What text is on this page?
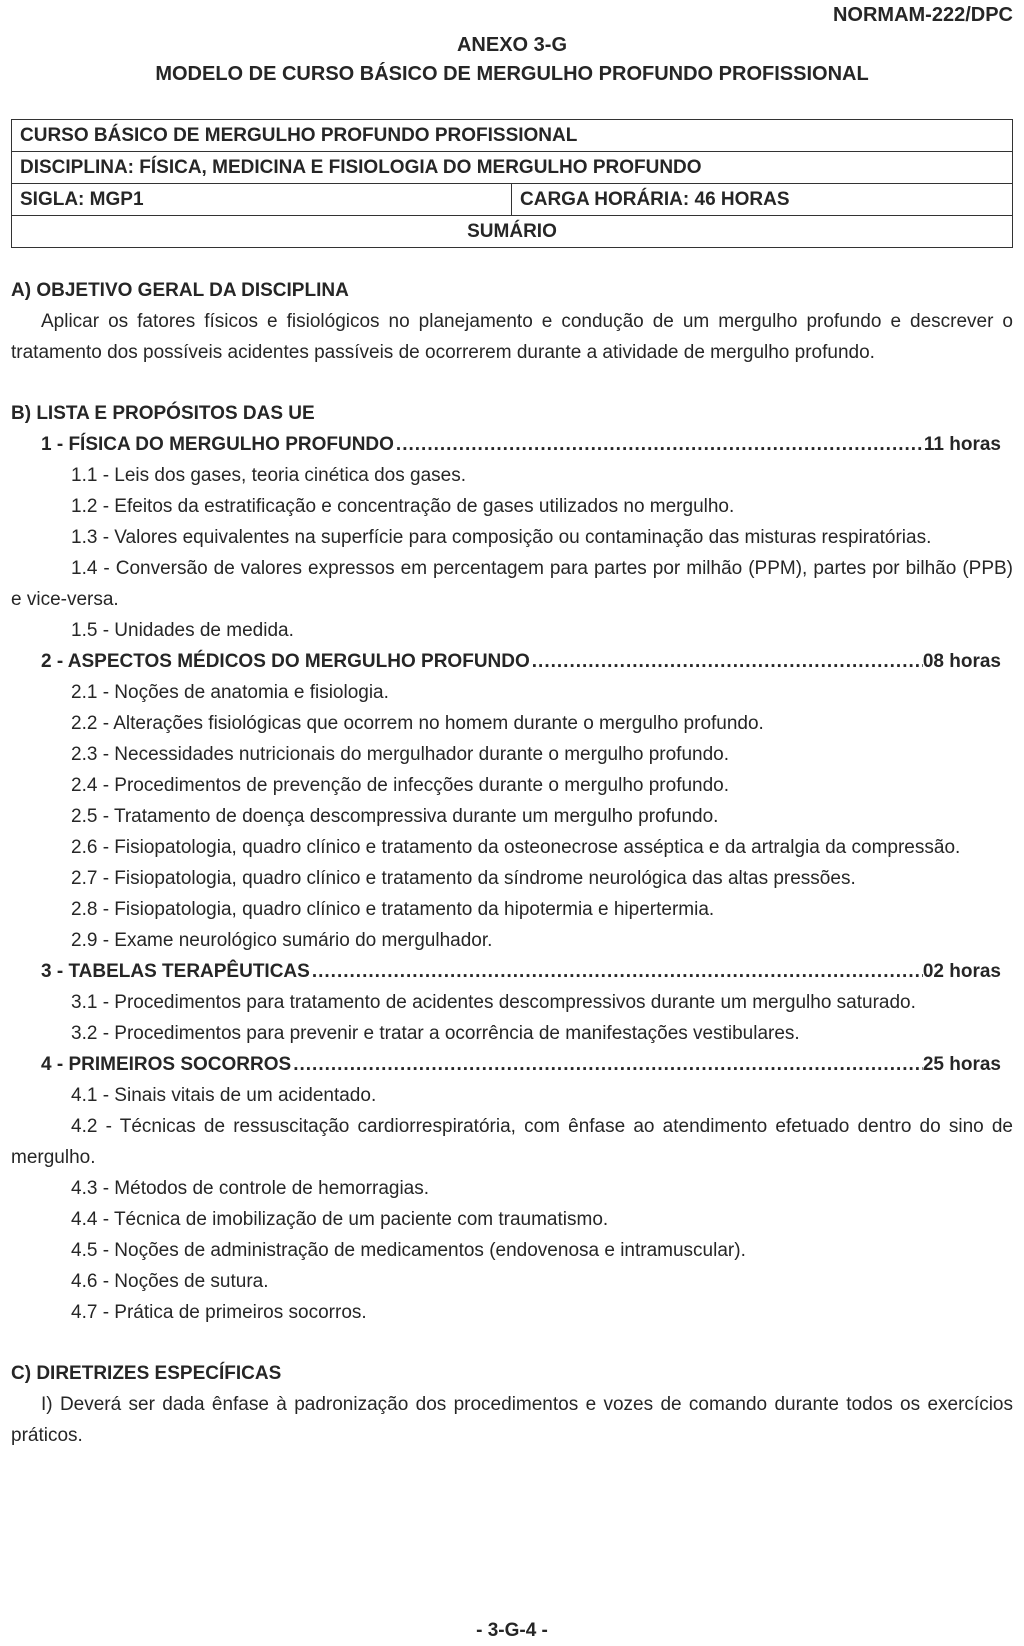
NORMAM-222/DPC
ANEXO 3-G
MODELO DE CURSO BÁSICO DE MERGULHO PROFUNDO PROFISSIONAL
CURSO BÁSICO DE MERGULHO PROFUNDO PROFISSIONAL
DISCIPLINA: FÍSICA, MEDICINA E FISIOLOGIA DO MERGULHO PROFUNDO
SIGLA: MGP1	CARGA HORÁRIA: 46 HORAS
SUMÁRIO
A) OBJETIVO GERAL DA DISCIPLINA
Aplicar os fatores físicos e fisiológicos no planejamento e condução de um mergulho profundo e descrever o tratamento dos possíveis acidentes passíveis de ocorrerem durante a atividade de mergulho profundo.
B) LISTA E PROPÓSITOS DAS UE
1 - FÍSICA DO MERGULHO PROFUNDO .....	11 horas
1.1 - Leis dos gases, teoria cinética dos gases.
1.2 - Efeitos da estratificação e concentração de gases utilizados no mergulho.
1.3 - Valores equivalentes na superfície para composição ou contaminação das misturas respiratórias.
1.4 - Conversão de valores expressos em percentagem para partes por milhão (PPM), partes por bilhão (PPB) e vice-versa.
1.5 - Unidades de medida.
2 - ASPECTOS MÉDICOS DO MERGULHO PROFUNDO .....	08 horas
2.1 - Noções de anatomia e fisiologia.
2.2 - Alterações fisiológicas que ocorrem no homem durante o mergulho profundo.
2.3 - Necessidades nutricionais do mergulhador durante o mergulho profundo.
2.4 - Procedimentos de prevenção de infecções durante o mergulho profundo.
2.5 - Tratamento de doença descompressiva durante um mergulho profundo.
2.6 - Fisiopatologia, quadro clínico e tratamento da osteonecrose asséptica e da artralgia da compressão.
2.7 - Fisiopatologia, quadro clínico e tratamento da síndrome neurológica das altas pressões.
2.8 - Fisiopatologia, quadro clínico e tratamento da hipotermia e hipertermia.
2.9 - Exame neurológico sumário do mergulhador.
3 - TABELAS TERAPÊUTICAS .....	02 horas
3.1 - Procedimentos para tratamento de acidentes descompressivos durante um mergulho saturado.
3.2 - Procedimentos para prevenir e tratar a ocorrência de manifestações vestibulares.
4 - PRIMEIROS SOCORROS .....	25 horas
4.1 - Sinais vitais de um acidentado.
4.2 - Técnicas de ressuscitação cardiorrespiratória, com ênfase ao atendimento efetuado dentro do sino de mergulho.
4.3 - Métodos de controle de hemorragias.
4.4 - Técnica de imobilização de um paciente com traumatismo.
4.5 - Noções de administração de medicamentos (endovenosa e intramuscular).
4.6 - Noções de sutura.
4.7 - Prática de primeiros socorros.
C) DIRETRIZES ESPECÍFICAS
I) Deverá ser dada ênfase à padronização dos procedimentos e vozes de comando durante todos os exercícios práticos.
- 3-G-4 -
